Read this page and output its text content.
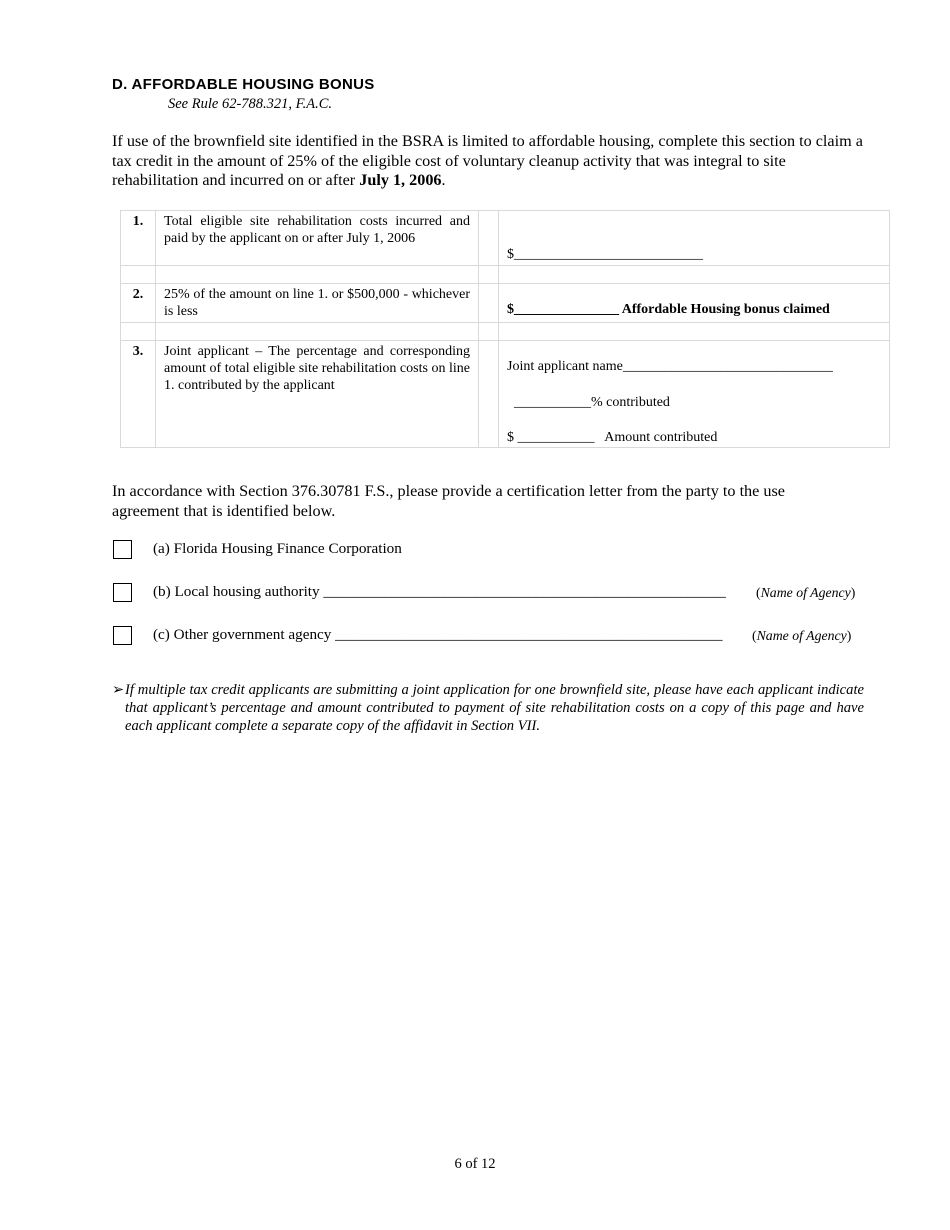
D. AFFORDABLE HOUSING BONUS
See Rule 62-788.321, F.A.C.
If use of the brownfield site identified in the BSRA is limited to affordable housing, complete this section to claim a tax credit in the amount of 25% of the eligible cost of voluntary cleanup activity that was integral to site rehabilitation and incurred on or after July 1, 2006.
1.	Total eligible site rehabilitation costs incurred and paid by the applicant on or after July 1, 2006		$___________________________

2.	25% of the amount on line 1. or $500,000 - whichever is less		$_______________ Affordable Housing bonus claimed

3.	Joint applicant – The percentage and corresponding amount of total eligible site rehabilitation costs on line 1. contributed by the applicant		Joint applicant name______________________________
___________% contributed
$ ___________ Amount contributed
In accordance with Section 376.30781 F.S., please provide a certification letter from the party to the use agreement that is identified below.
(a) Florida Housing Finance Corporation
(b) Local housing authority _____________________________________________________ (Name of Agency)
(c) Other government agency ___________________________________________________ (Name of Agency)
➢ If multiple tax credit applicants are submitting a joint application for one brownfield site, please have each applicant indicate that applicant’s percentage and amount contributed to payment of site rehabilitation costs on a copy of this page and have each applicant complete a separate copy of the affidavit in Section VII.
6 of 12
